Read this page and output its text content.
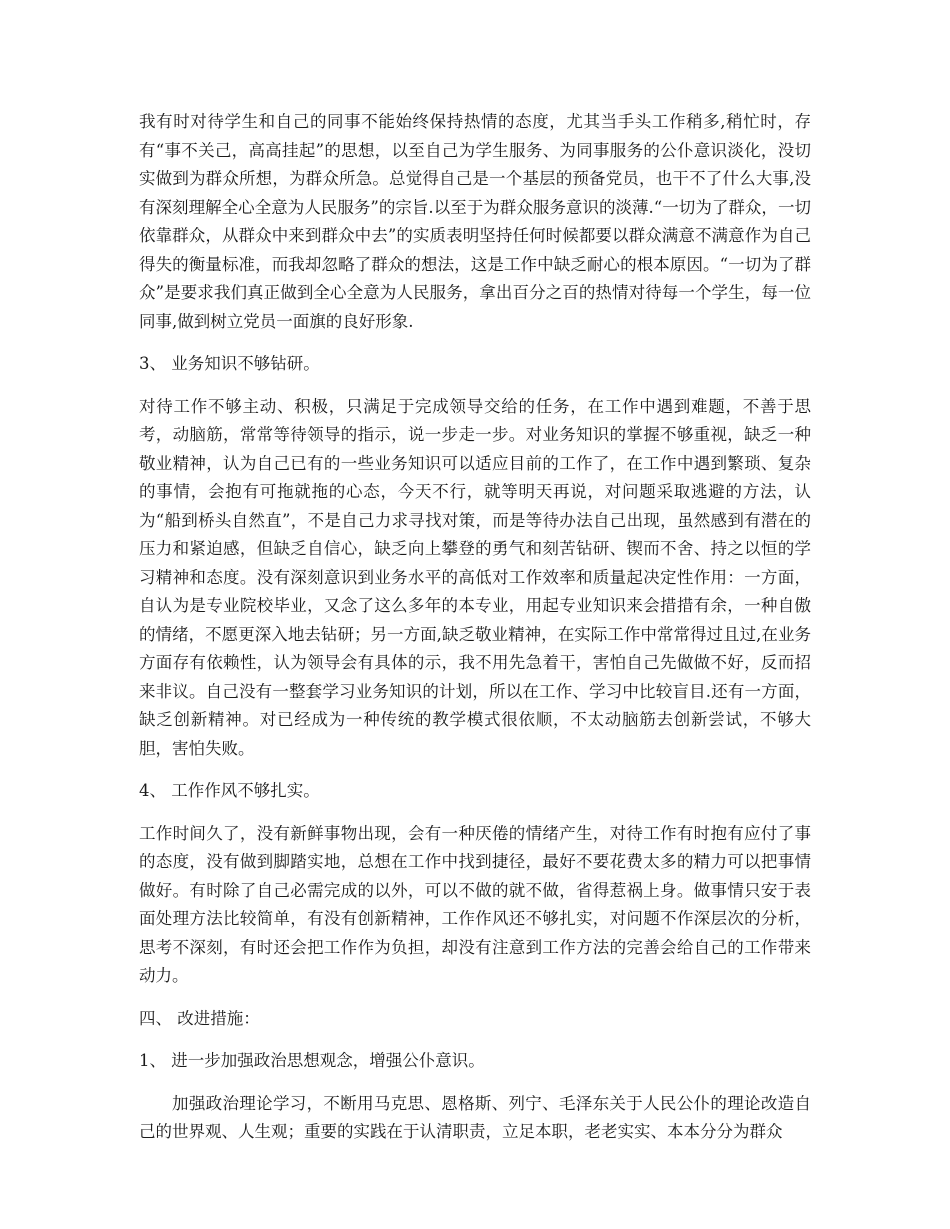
我有时对待学生和自己的同事不能始终保持热情的态度，尤其当手头工作稍多,稍忙时，存有“事不关己，高高挂起”的思想，以至自己为学生服务、为同事服务的公仆意识淡化，没切实做到为群众所想，为群众所急。总觉得自己是一个基层的预备党员，也干不了什么大事,没有深刻理解全心全意为人民服务”的宗旨.以至于为群众服务意识的淡薄.“一切为了群众，一切依靠群众，从群众中来到群众中去”的实质表明坚持任何时候都要以群众满意不满意作为自己得失的衡量标准，而我却忽略了群众的想法，这是工作中缺乏耐心的根本原因。“一切为了群众”是要求我们真正做到全心全意为人民服务，拿出百分之百的热情对待每一个学生，每一位同事,做到树立党员一面旗的良好形象.

3、 业务知识不够钻研。

对待工作不够主动、积极，只满足于完成领导交给的任务，在工作中遇到难题，不善于思考，动脑筋，常常等待领导的指示，说一步走一步。对业务知识的掌握不够重视，缺乏一种敬业精神，认为自己已有的一些业务知识可以适应目前的工作了，在工作中遇到繁琐、复杂的事情，会抱有可拖就拖的心态，今天不行，就等明天再说，对问题采取逃避的方法，认为“船到桥头自然直”，不是自己力求寻找对策，而是等待办法自己出现，虽然感到有潜在的压力和紧迫感，但缺乏自信心，缺乏向上攀登的勇气和刻苦钻研、锲而不舍、持之以恒的学习精神和态度。没有深刻意识到业务水平的高低对工作效率和质量起决定性作用：一方面，自认为是专业院校毕业，又念了这么多年的本专业，用起专业知识来会措措有余，一种自傲的情绪，不愿更深入地去钻研；另一方面,缺乏敬业精神，在实际工作中常常得过且过,在业务方面存有依赖性，认为领导会有具体的示，我不用先急着干，害怕自己先做做不好，反而招来非议。自己没有一整套学习业务知识的计划，所以在工作、学习中比较盲目.还有一方面，缺乏创新精神。对已经成为一种传统的教学模式很依顺，不太动脑筋去创新尝试，不够大胆，害怕失败。

4、 工作作风不够扎实。

工作时间久了，没有新鲜事物出现，会有一种厌倦的情绪产生，对待工作有时抱有应付了事的态度，没有做到脚踏实地，总想在工作中找到捷径，最好不要花费太多的精力可以把事情做好。有时除了自己必需完成的以外，可以不做的就不做，省得惹祸上身。做事情只安于表面处理方法比较简单，有没有创新精神，工作作风还不够扎实，对问题不作深层次的分析，思考不深刻，有时还会把工作作为负担，却没有注意到工作方法的完善会给自己的工作带来动力。

四、 改进措施：

1、 进一步加强政治思想观念，增强公仆意识。

加强政治理论学习，不断用马克思、恩格斯、列宁、毛泽东关于人民公仆的理论改造自己的世界观、人生观；重要的实践在于认清职责，立足本职，老老实实、本本分分为群众
